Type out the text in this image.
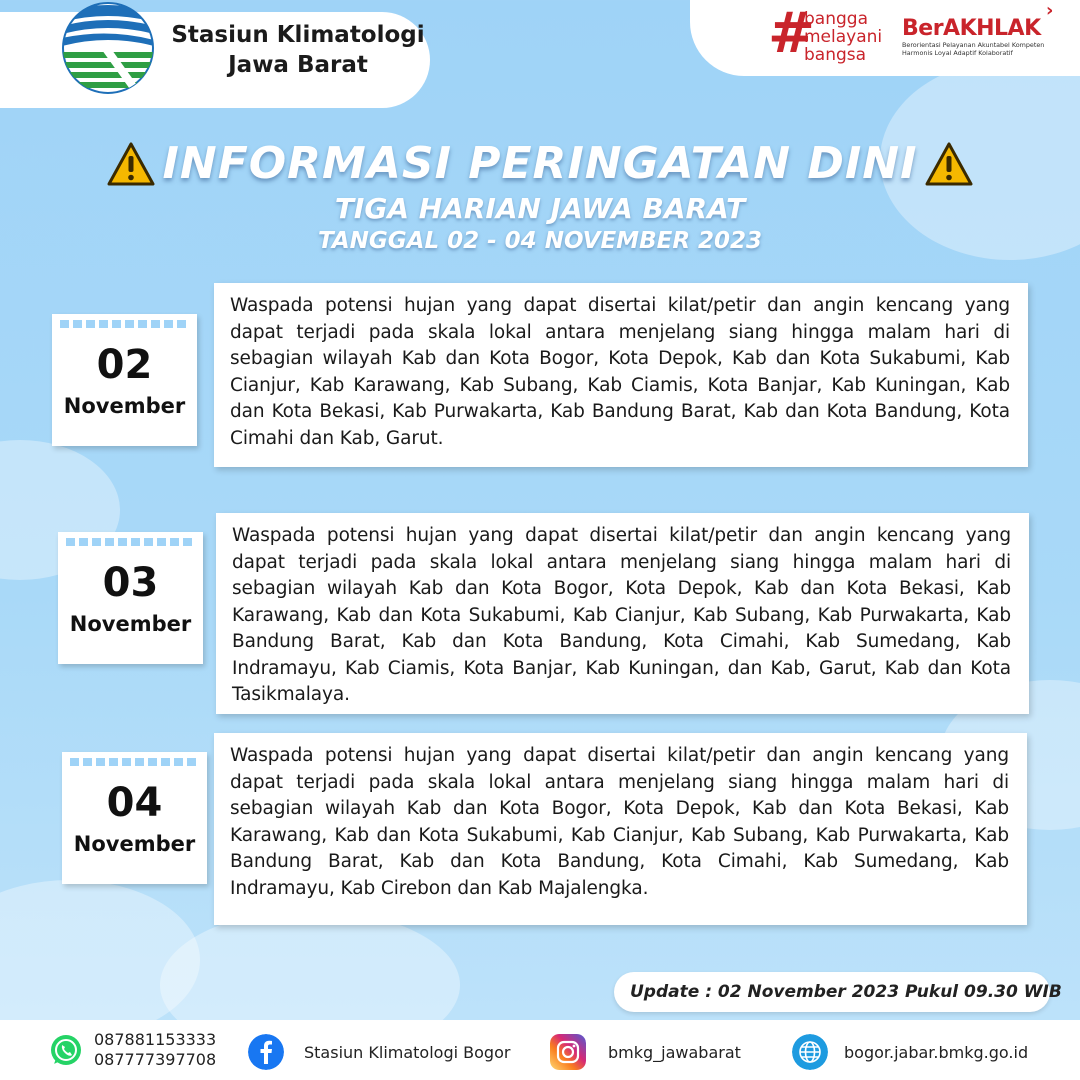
Stasiun Klimatologi
Jawa Barat	#
bangga
melayani
bangsa
BerAKHLAK
Berorientasi Pelayanan Akuntabel Kompeten
Harmonis Loyal Adaptif Kolaboratif
›
INFORMASI PERINGATAN DINI
TIGA HARIAN JAWA BARAT
TANGGAL 02 - 04 NOVEMBER 2023
02
November

Waspada potensi hujan yang dapat disertai kilat/petir dan angin kencang yang dapat terjadi pada skala lokal antara menjelang siang hingga malam hari di sebagian wilayah Kab dan Kota Bogor, Kota Depok, Kab dan Kota Sukabumi, Kab Cianjur, Kab Karawang, Kab Subang, Kab Ciamis, Kota Banjar, Kab Kuningan, Kab dan Kota Bekasi, Kab Purwakarta, Kab Bandung Barat, Kab dan Kota Bandung, Kota Cimahi dan Kab, Garut.

03
November

Waspada potensi hujan yang dapat disertai kilat/petir dan angin kencang yang dapat terjadi pada skala lokal antara menjelang siang hingga malam hari di sebagian wilayah Kab dan Kota Bogor, Kota Depok, Kab dan Kota Bekasi, Kab Karawang, Kab dan Kota Sukabumi, Kab Cianjur, Kab Subang, Kab Purwakarta, Kab Bandung Barat, Kab dan Kota Bandung, Kota Cimahi, Kab Sumedang, Kab Indramayu, Kab Ciamis, Kota Banjar, Kab Kuningan, dan Kab, Garut, Kab dan Kota Tasikmalaya.

04
November

Waspada potensi hujan yang dapat disertai kilat/petir dan angin kencang yang dapat terjadi pada skala lokal antara menjelang siang hingga malam hari di sebagian wilayah Kab dan Kota Bogor, Kota Depok, Kab dan Kota Bekasi, Kab Karawang, Kab dan Kota Sukabumi, Kab Cianjur, Kab Subang, Kab Purwakarta, Kab Bandung Barat, Kab dan Kota Bandung, Kota Cimahi, Kab Sumedang, Kab Indramayu, Kab Cirebon dan Kab Majalengka.

Update : 02 November 2023 Pukul 09.30 WIB
087881153333
087777397708	Stasiun Klimatologi Bogor	bmkg_jawabarat	bogor.jabar.bmkg.go.id
